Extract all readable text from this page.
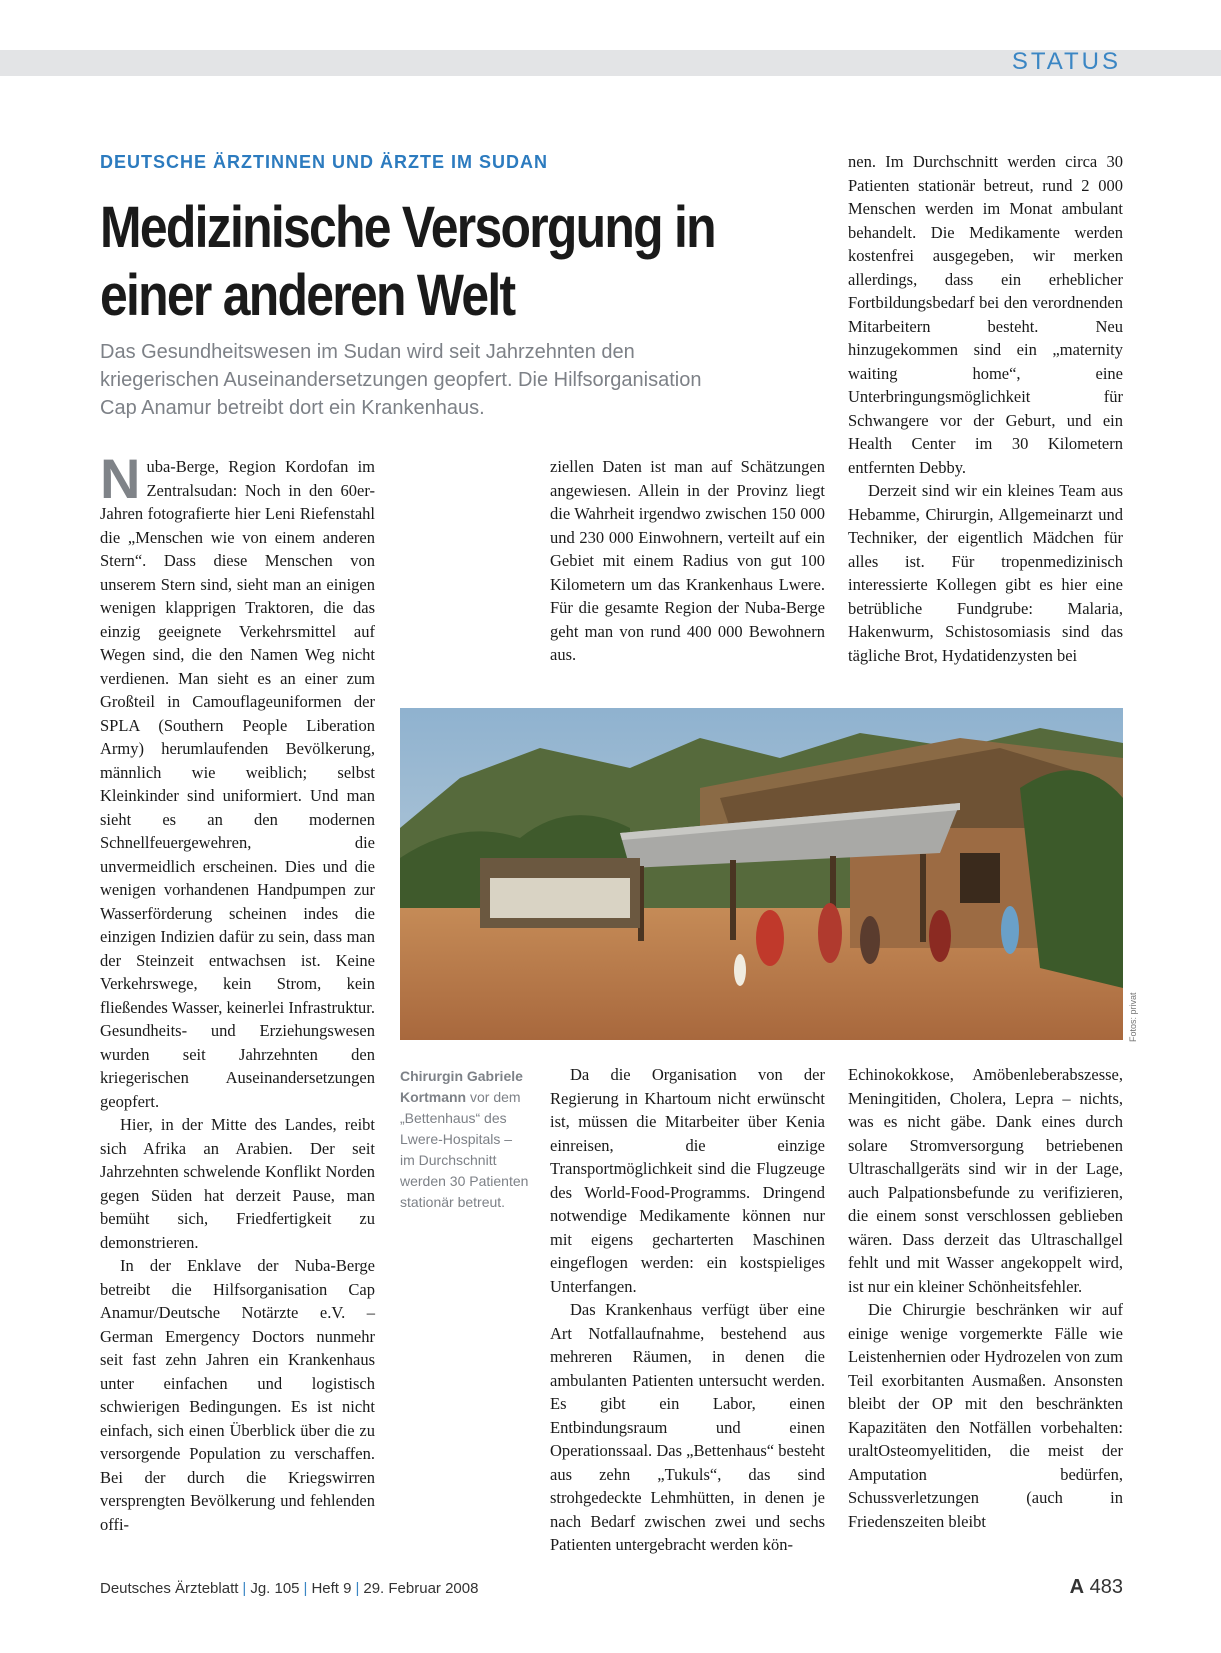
STATUS
DEUTSCHE ÄRZTINNEN UND ÄRZTE IM SUDAN
Medizinische Versorgung in
einer anderen Welt
Das Gesundheitswesen im Sudan wird seit Jahrzehnten den
kriegerischen Auseinandersetzungen geopfert. Die Hilfsorganisation
Cap Anamur betreibt dort ein Krankenhaus.

Nuba-Berge, Region Kordofan im Zentralsudan: Noch in den 60er-Jahren fotografierte hier Leni Riefenstahl die „Menschen wie von einem anderen Stern“. Dass diese Menschen von unserem Stern sind, sieht man an einigen wenigen klapprigen Traktoren, die das einzig geeignete Verkehrsmittel auf Wegen sind, die den Namen Weg nicht verdienen. Man sieht es an einer zum Großteil in Camouflageuniformen der SPLA (Southern People Liberation Army) herumlaufenden Bevölkerung, männlich wie weiblich; selbst Kleinkinder sind uniformiert. Und man sieht es an den modernen Schnellfeuergewehren, die unvermeidlich erscheinen. Dies und die wenigen vorhandenen Handpumpen zur Wasserförderung scheinen indes die einzigen Indizien dafür zu sein, dass man der Steinzeit entwachsen ist. Keine Verkehrswege, kein Strom, kein fließendes Wasser, keinerlei Infrastruktur. Gesundheits- und Erziehungswesen wurden seit Jahrzehnten den kriegerischen Auseinandersetzungen geopfert.

Hier, in der Mitte des Landes, reibt sich Afrika an Arabien. Der seit Jahrzehnten schwelende Konflikt Norden gegen Süden hat derzeit Pause, man bemüht sich, Friedfertigkeit zu demonstrieren.

In der Enklave der Nuba-Berge betreibt die Hilfsorganisation Cap Anamur/Deutsche Notärzte e.V. – German Emergency Doctors nunmehr seit fast zehn Jahren ein Krankenhaus unter einfachen und logistisch schwierigen Bedingungen. Es ist nicht einfach, sich einen Überblick über die zu versorgende Population zu verschaffen. Bei der durch die Kriegswirren versprengten Bevölkerung und fehlenden offi-

ziellen Daten ist man auf Schätzungen angewiesen. Allein in der Provinz liegt die Wahrheit irgendwo zwischen 150 000 und 230 000 Einwohnern, verteilt auf ein Gebiet mit einem Radius von gut 100 Kilometern um das Krankenhaus Lwere. Für die gesamte Region der Nuba-Berge geht man von rund 400 000 Bewohnern aus.

nen. Im Durchschnitt werden circa 30 Patienten stationär betreut, rund 2 000 Menschen werden im Monat ambulant behandelt. Die Medikamente werden kostenfrei ausgegeben, wir merken allerdings, dass ein erheblicher Fortbildungsbedarf bei den verordnenden Mitarbeitern besteht. Neu hinzugekommen sind ein „maternity waiting home“, eine Unterbringungsmöglichkeit für Schwangere vor der Geburt, und ein Health Center im 30 Kilometern entfernten Debby.

Derzeit sind wir ein kleines Team aus Hebamme, Chirurgin, Allgemeinarzt und Techniker, der eigentlich Mädchen für alles ist. Für tropenmedizinisch interessierte Kollegen gibt es hier eine betrübliche Fundgrube: Malaria, Hakenwurm, Schistosomiasis sind das tägliche Brot, Hydatidenzysten bei

Fotos: privat
Chirurgin Gabriele Kortmann vor dem „Bettenhaus“ des Lwere-Hospitals – im Durchschnitt werden 30 Patienten stationär betreut.

Da die Organisation von der Regierung in Khartoum nicht erwünscht ist, müssen die Mitarbeiter über Kenia einreisen, die einzige Transportmöglichkeit sind die Flugzeuge des World-Food-Programms. Dringend notwendige Medikamente können nur mit eigens gecharterten Maschinen eingeflogen werden: ein kostspieliges Unterfangen.

Das Krankenhaus verfügt über eine Art Notfallaufnahme, bestehend aus mehreren Räumen, in denen die ambulanten Patienten untersucht werden. Es gibt ein Labor, einen Entbindungsraum und einen Operationssaal. Das „Bettenhaus“ besteht aus zehn „Tukuls“, das sind strohgedeckte Lehmhütten, in denen je nach Bedarf zwischen zwei und sechs Patienten untergebracht werden kön-

Echinokokkose, Amöbenleberabszesse, Meningitiden, Cholera, Lepra – nichts, was es nicht gäbe. Dank eines durch solare Stromversorgung betriebenen Ultraschallgeräts sind wir in der Lage, auch Palpationsbefunde zu verifizieren, die einem sonst verschlossen geblieben wären. Dass derzeit das Ultraschallgel fehlt und mit Wasser angekoppelt wird, ist nur ein kleiner Schönheitsfehler.

Die Chirurgie beschränken wir auf einige wenige vorgemerkte Fälle wie Leistenhernien oder Hydrozelen von zum Teil exorbitanten Ausmaßen. Ansonsten bleibt der OP mit den beschränkten Kapazitäten den Notfällen vorbehalten: uraltOsteomyelitiden, die meist der Amputation bedürfen, Schussverletzungen (auch in Friedenszeiten bleibt

Deutsches Ärzteblatt | Jg. 105 | Heft 9 | 29. Februar 2008	A 483
